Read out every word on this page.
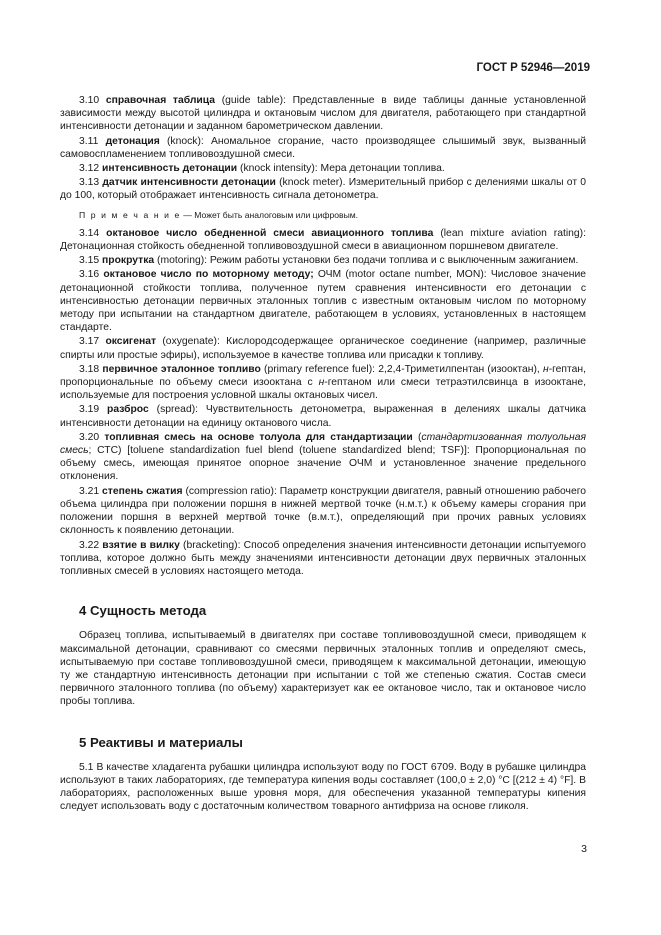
ГОСТ Р 52946—2019

3.10 справочная таблица (guide table): Представленные в виде таблицы данные установленной зависимости между высотой цилиндра и октановым числом для двигателя, работающего при стандартной интенсивности детонации и заданном барометрическом давлении.

3.11 детонация (knock): Аномальное сгорание, часто производящее слышимый звук, вызванный самовоспламенением топливовоздушной смеси.

3.12 интенсивность детонации (knock intensity): Мера детонации топлива.

3.13 датчик интенсивности детонации (knock meter). Измерительный прибор с делениями шкалы от 0 до 100, который отображает интенсивность сигнала детонометра.

П р и м е ч а н и е — Может быть аналоговым или цифровым.

3.14 октановое число обедненной смеси авиационного топлива (lean mixture aviation rating): Детонационная стойкость обедненной топливовоздушной смеси в авиационном поршневом двигателе.

3.15 прокрутка (motoring): Режим работы установки без подачи топлива и с выключенным зажиганием.

3.16 октановое число по моторному методу; ОЧМ (motor octane number, MON): Числовое значение детонационной стойкости топлива, полученное путем сравнения интенсивности его детонации с интенсивностью детонации первичных эталонных топлив с известным октановым числом по моторному методу при испытании на стандартном двигателе, работающем в условиях, установленных в настоящем стандарте.

3.17 оксигенат (oxygenate): Кислородсодержащее органическое соединение (например, различные спирты или простые эфиры), используемое в качестве топлива или присадки к топливу.

3.18 первичное эталонное топливо (primary reference fuel): 2,2,4-Триметилпентан (изооктан), н-гептан, пропорциональные по объему смеси изооктана с н-гептаном или смеси тетраэтилсвинца в изооктане, используемые для построения условной шкалы октановых чисел.

3.19 разброс (spread): Чувствительность детонометра, выраженная в делениях шкалы датчика интенсивности детонации на единицу октанового числа.

3.20 топливная смесь на основе толуола для стандартизации (стандартизованная толуольная смесь; СТС) [toluene standardization fuel blend (toluene standardized blend; TSF)]: Пропорциональная по объему смесь, имеющая принятое опорное значение ОЧМ и установленное значение предельного отклонения.

3.21 степень сжатия (compression ratio): Параметр конструкции двигателя, равный отношению рабочего объема цилиндра при положении поршня в нижней мертвой точке (н.м.т.) к объему камеры сгорания при положении поршня в верхней мертвой точке (в.м.т.), определяющий при прочих равных условиях склонность к появлению детонации.

3.22 взятие в вилку (bracketing): Способ определения значения интенсивности детонации испытуемого топлива, которое должно быть между значениями интенсивности детонации двух первичных эталонных топливных смесей в условиях настоящего метода.

4 Сущность метода

Образец топлива, испытываемый в двигателях при составе топливовоздушной смеси, приводящем к максимальной детонации, сравнивают со смесями первичных эталонных топлив и определяют смесь, испытываемую при составе топливовоздушной смеси, приводящем к максимальной детонации, имеющую ту же стандартную интенсивность детонации при испытании с той же степенью сжатия. Состав смеси первичного эталонного топлива (по объему) характеризует как ее октановое число, так и октановое число пробы топлива.

5 Реактивы и материалы

5.1 В качестве хладагента рубашки цилиндра используют воду по ГОСТ 6709. Воду в рубашке цилиндра используют в таких лабораториях, где температура кипения воды составляет (100,0 ± 2,0) °С [(212 ± 4) °F]. В лабораториях, расположенных выше уровня моря, для обеспечения указанной температуры кипения следует использовать воду с достаточным количеством товарного антифриза на основе гликоля.

3
